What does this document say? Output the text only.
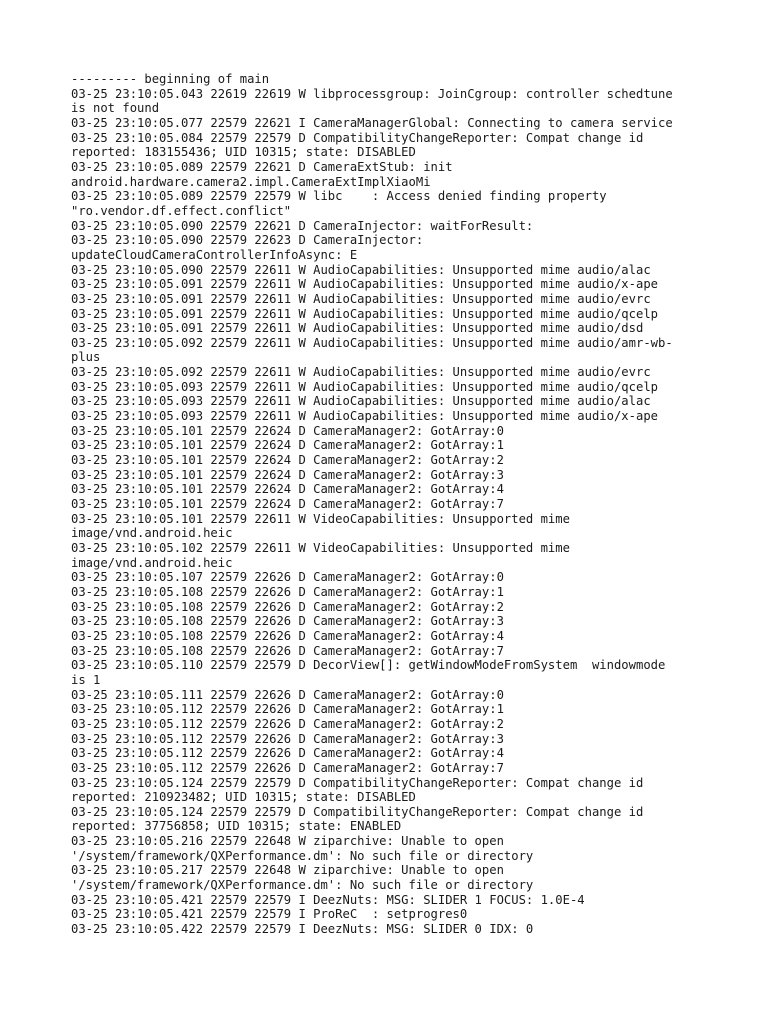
--------- beginning of main
03-25 23:10:05.043 22619 22619 W libprocessgroup: JoinCgroup: controller schedtune
is not found
03-25 23:10:05.077 22579 22621 I CameraManagerGlobal: Connecting to camera service
03-25 23:10:05.084 22579 22579 D CompatibilityChangeReporter: Compat change id
reported: 183155436; UID 10315; state: DISABLED
03-25 23:10:05.089 22579 22621 D CameraExtStub: init
android.hardware.camera2.impl.CameraExtImplXiaoMi
03-25 23:10:05.089 22579 22579 W libc    : Access denied finding property
"ro.vendor.df.effect.conflict"
03-25 23:10:05.090 22579 22621 D CameraInjector: waitForResult:
03-25 23:10:05.090 22579 22623 D CameraInjector:
updateCloudCameraControllerInfoAsync: E
03-25 23:10:05.090 22579 22611 W AudioCapabilities: Unsupported mime audio/alac
03-25 23:10:05.091 22579 22611 W AudioCapabilities: Unsupported mime audio/x-ape
03-25 23:10:05.091 22579 22611 W AudioCapabilities: Unsupported mime audio/evrc
03-25 23:10:05.091 22579 22611 W AudioCapabilities: Unsupported mime audio/qcelp
03-25 23:10:05.091 22579 22611 W AudioCapabilities: Unsupported mime audio/dsd
03-25 23:10:05.092 22579 22611 W AudioCapabilities: Unsupported mime audio/amr-wb-
plus
03-25 23:10:05.092 22579 22611 W AudioCapabilities: Unsupported mime audio/evrc
03-25 23:10:05.093 22579 22611 W AudioCapabilities: Unsupported mime audio/qcelp
03-25 23:10:05.093 22579 22611 W AudioCapabilities: Unsupported mime audio/alac
03-25 23:10:05.093 22579 22611 W AudioCapabilities: Unsupported mime audio/x-ape
03-25 23:10:05.101 22579 22624 D CameraManager2: GotArray:0
03-25 23:10:05.101 22579 22624 D CameraManager2: GotArray:1
03-25 23:10:05.101 22579 22624 D CameraManager2: GotArray:2
03-25 23:10:05.101 22579 22624 D CameraManager2: GotArray:3
03-25 23:10:05.101 22579 22624 D CameraManager2: GotArray:4
03-25 23:10:05.101 22579 22624 D CameraManager2: GotArray:7
03-25 23:10:05.101 22579 22611 W VideoCapabilities: Unsupported mime
image/vnd.android.heic
03-25 23:10:05.102 22579 22611 W VideoCapabilities: Unsupported mime
image/vnd.android.heic
03-25 23:10:05.107 22579 22626 D CameraManager2: GotArray:0
03-25 23:10:05.108 22579 22626 D CameraManager2: GotArray:1
03-25 23:10:05.108 22579 22626 D CameraManager2: GotArray:2
03-25 23:10:05.108 22579 22626 D CameraManager2: GotArray:3
03-25 23:10:05.108 22579 22626 D CameraManager2: GotArray:4
03-25 23:10:05.108 22579 22626 D CameraManager2: GotArray:7
03-25 23:10:05.110 22579 22579 D DecorView[]: getWindowModeFromSystem  windowmode
is 1
03-25 23:10:05.111 22579 22626 D CameraManager2: GotArray:0
03-25 23:10:05.112 22579 22626 D CameraManager2: GotArray:1
03-25 23:10:05.112 22579 22626 D CameraManager2: GotArray:2
03-25 23:10:05.112 22579 22626 D CameraManager2: GotArray:3
03-25 23:10:05.112 22579 22626 D CameraManager2: GotArray:4
03-25 23:10:05.112 22579 22626 D CameraManager2: GotArray:7
03-25 23:10:05.124 22579 22579 D CompatibilityChangeReporter: Compat change id
reported: 210923482; UID 10315; state: DISABLED
03-25 23:10:05.124 22579 22579 D CompatibilityChangeReporter: Compat change id
reported: 37756858; UID 10315; state: ENABLED
03-25 23:10:05.216 22579 22648 W ziparchive: Unable to open
'/system/framework/QXPerformance.dm': No such file or directory
03-25 23:10:05.217 22579 22648 W ziparchive: Unable to open
'/system/framework/QXPerformance.dm': No such file or directory
03-25 23:10:05.421 22579 22579 I DeezNuts: MSG: SLIDER 1 FOCUS: 1.0E-4
03-25 23:10:05.421 22579 22579 I ProReC  : setprogres0
03-25 23:10:05.422 22579 22579 I DeezNuts: MSG: SLIDER 0 IDX: 0
